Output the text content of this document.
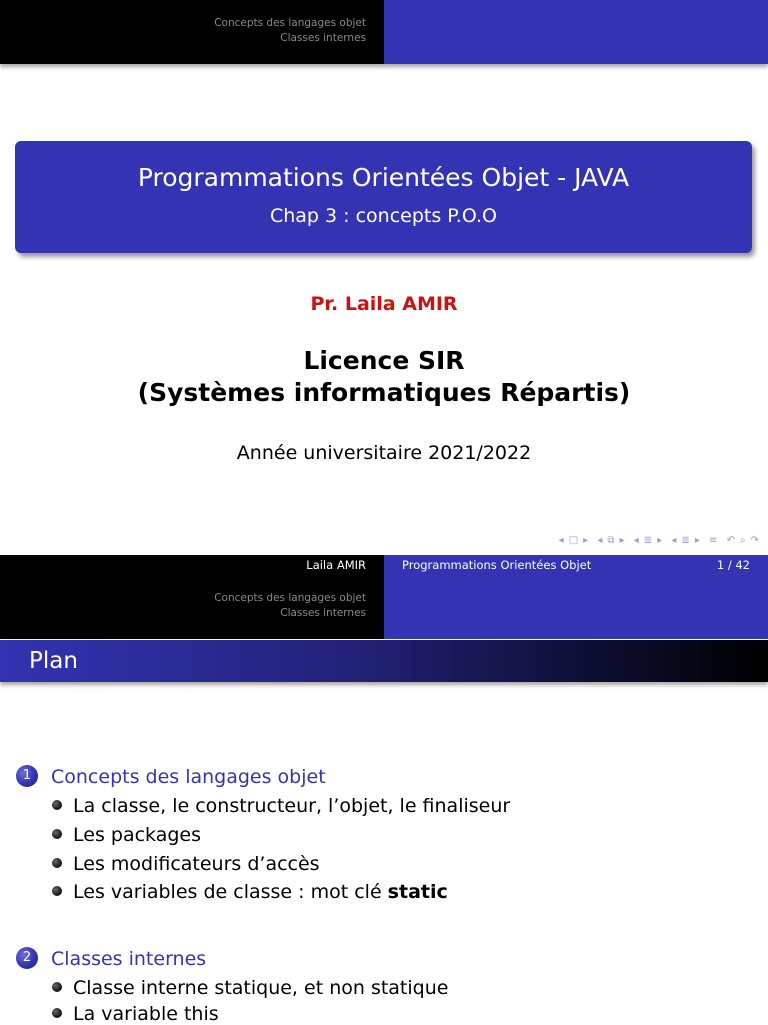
Concepts des langages objet
Classes internes
Programmations Orientées Objet - JAVA
Chap 3 : concepts P.O.O
Pr. Laila AMIR
Licence SIR
(Systèmes informatiques Répartis)
Année universitaire 2021/2022
◂ □ ▸ ◂ ⧉ ▸ ◂ ≣ ▸ ◂ ≣ ▸ ≡ ↶ ⌕ ↷
Laila AMIR	Programmations Orientées Objet	1 / 42
Concepts des langages objet
Classes internes
Plan
1 Concepts des langages objet
La classe, le constructeur, l’objet, le finaliseur
Les packages
Les modificateurs d’accès
Les variables de classe : mot clé static
2 Classes internes
Classe interne statique, et non statique
La variable this
